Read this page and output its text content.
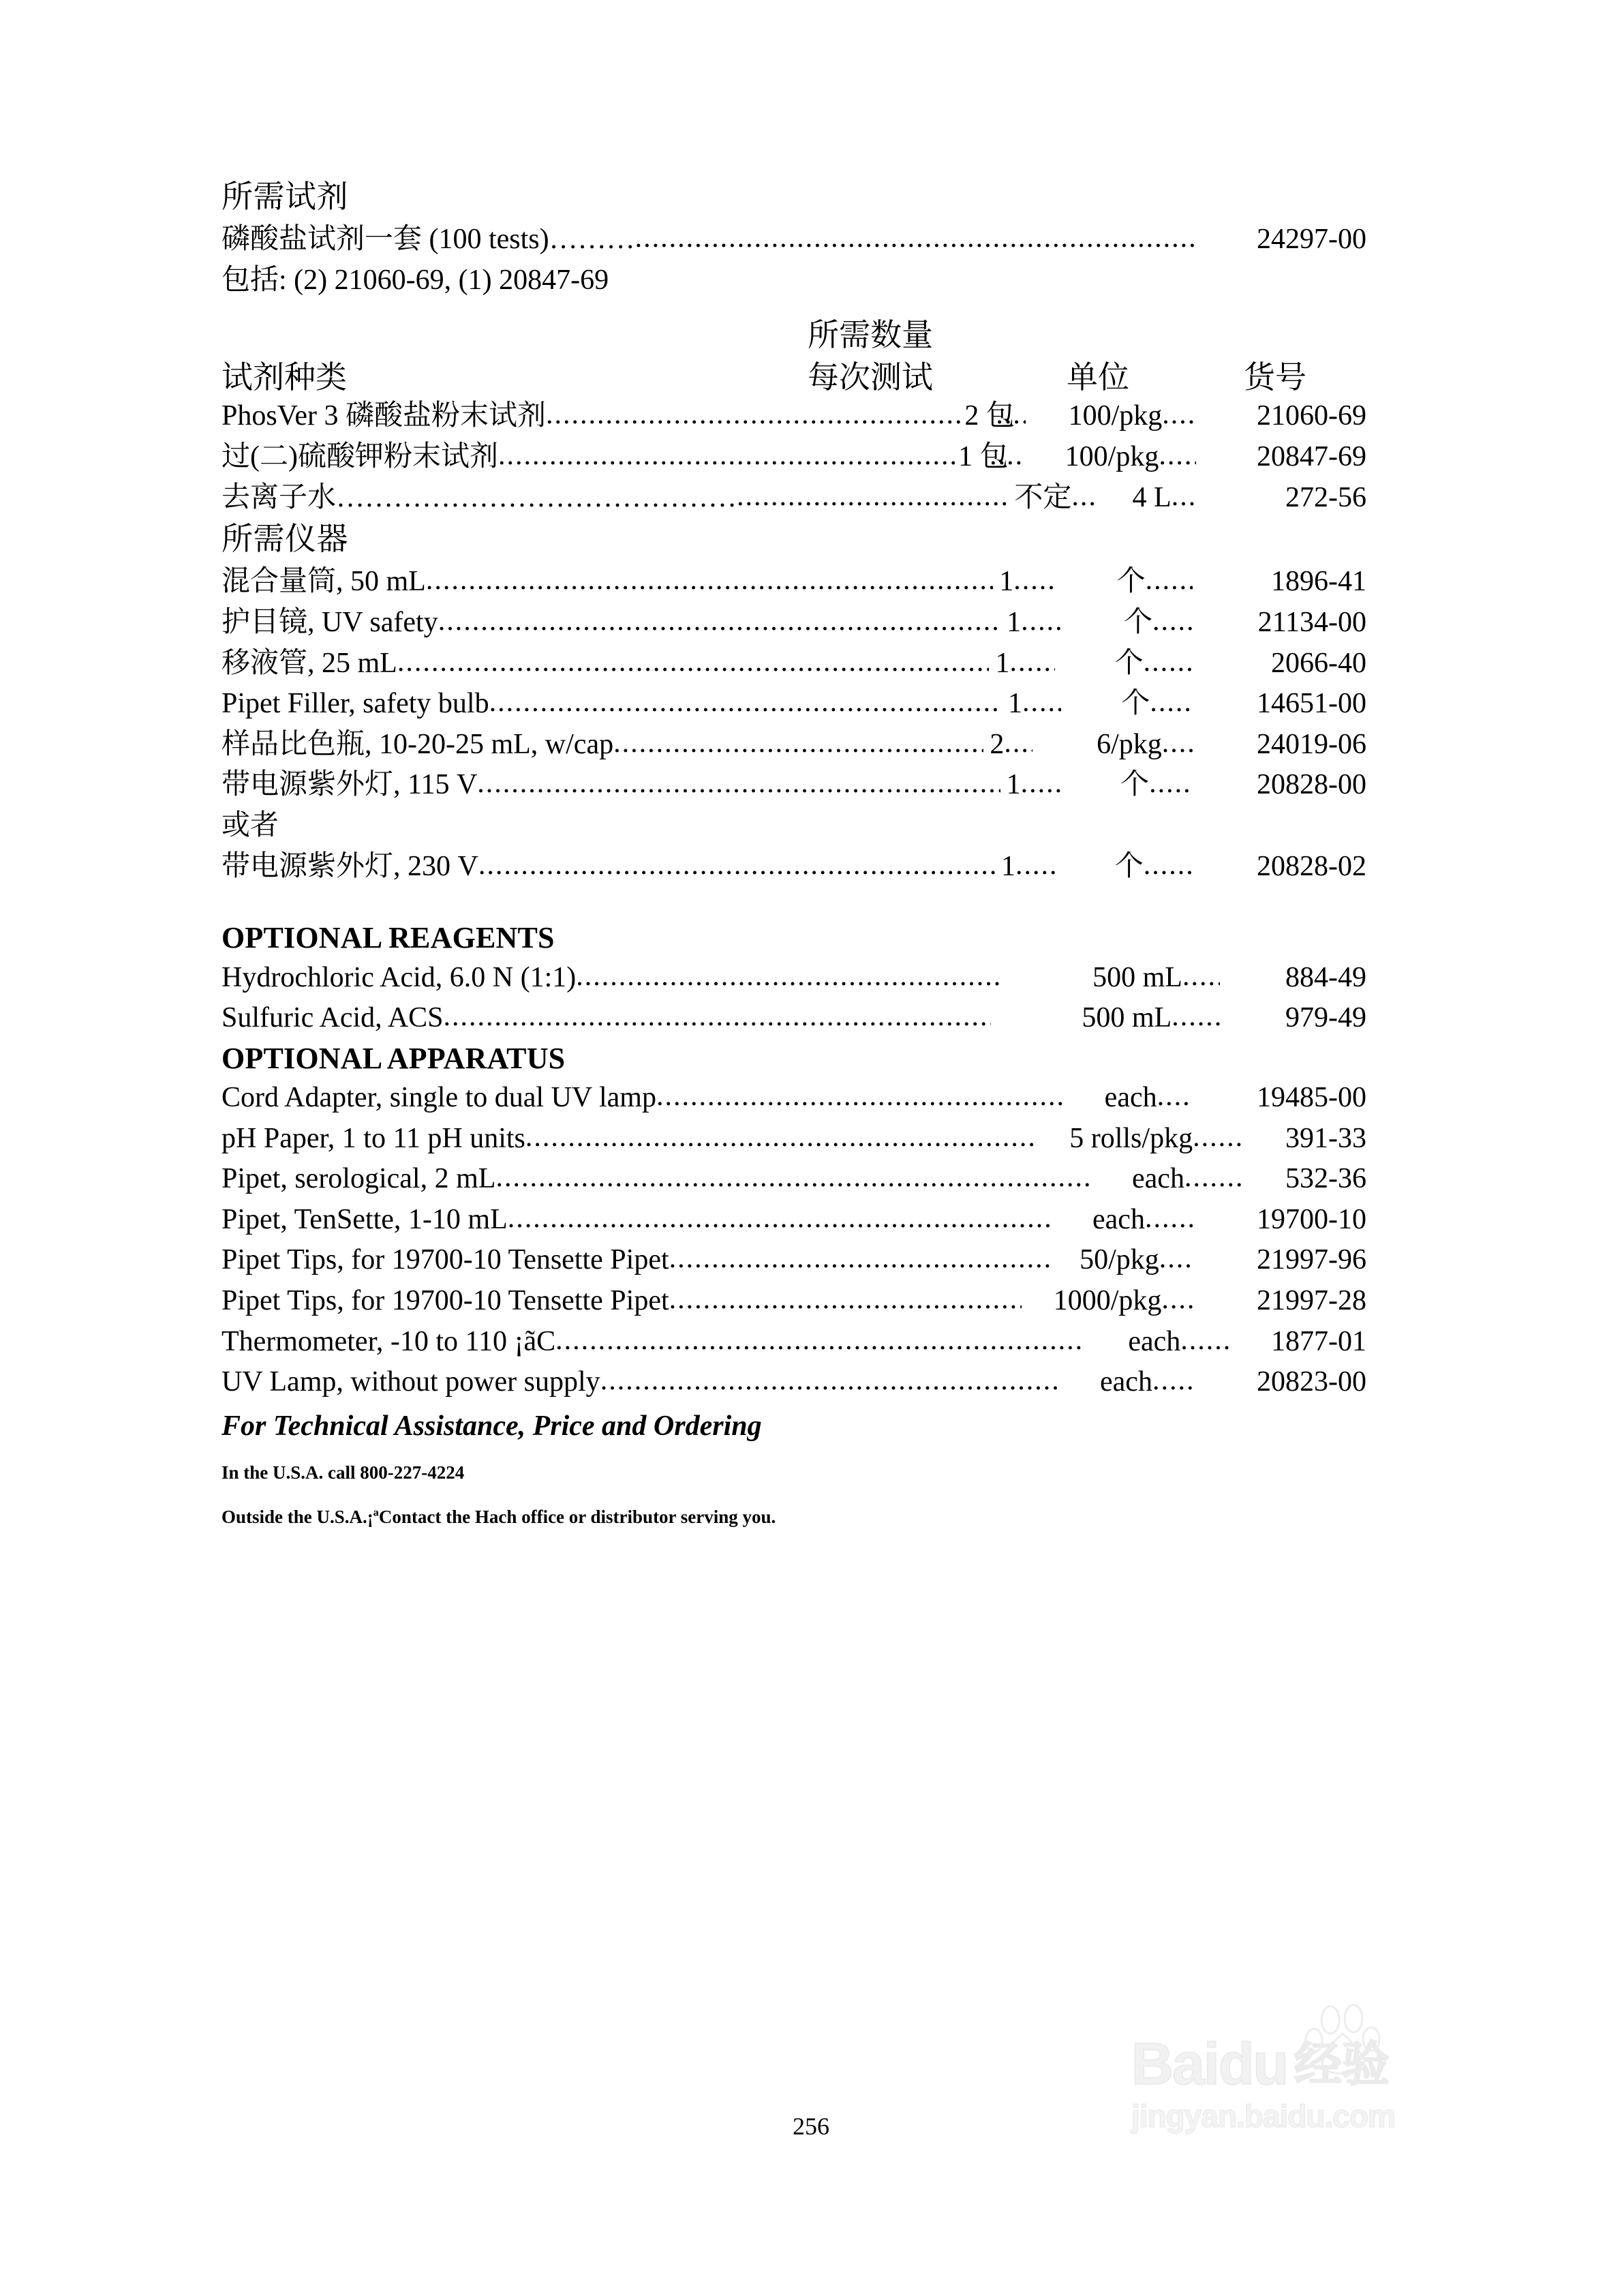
所需试剂
磷酸盐试剂一套 (100 tests)……… .....	24297-00
包括: (2) 21060-69, (1) 20847-69
所需数量
试剂种类	每次测试	单位	货号
PhosVer 3 磷酸盐粉末试剂 .....	2 包 .....	100/pkg .....	21060-69
过(二)硫酸钾粉末试剂 .....	1 包 .....	100/pkg .....	20847-69
去离子水…………………………………… .....	不定 .....	4 L .....	272-56
所需仪器
混合量筒, 50 mL .....	1 .....	个 .....	1896-41
护目镜, UV safety .....	1 .....	个 .....	21134-00
移液管, 25 mL .....	1 .....	个 .....	2066-40
Pipet Filler, safety bulb .....	1 .....	个 .....	14651-00
样品比色瓶, 10-20-25 mL, w/cap .....	2 .....	6/pkg .....	24019-06
带电源紫外灯, 115 V .....	1 .....	个 .....	20828-00
或者
带电源紫外灯, 230 V .....	1 .....	个 .....	20828-02
OPTIONAL REAGENTS
Hydrochloric Acid, 6.0 N (1:1) .....	500 mL .....	884-49
Sulfuric Acid, ACS .....	500 mL .....	979-49
OPTIONAL APPARATUS
Cord Adapter, single to dual UV lamp .....	each .....	19485-00
pH Paper, 1 to 11 pH units .....	5 rolls/pkg .....	391-33
Pipet, serological, 2 mL .....	each .....	532-36
Pipet, TenSette, 1-10 mL .....	each .....	19700-10
Pipet Tips, for 19700-10 Tensette Pipet .....	50/pkg .....	21997-96
Pipet Tips, for 19700-10 Tensette Pipet .....	1000/pkg .....	21997-28
Thermometer, -10 to 110 ¡ãC .....	each .....	1877-01
UV Lamp, without power supply .....	each .....	20823-00
For Technical Assistance, Price and Ordering
In the U.S.A. call 800-227-4224
Outside the U.S.A.¡ªContact the Hach office or distributor serving you.
256
Baidu 经验
jingyan.baidu.com
